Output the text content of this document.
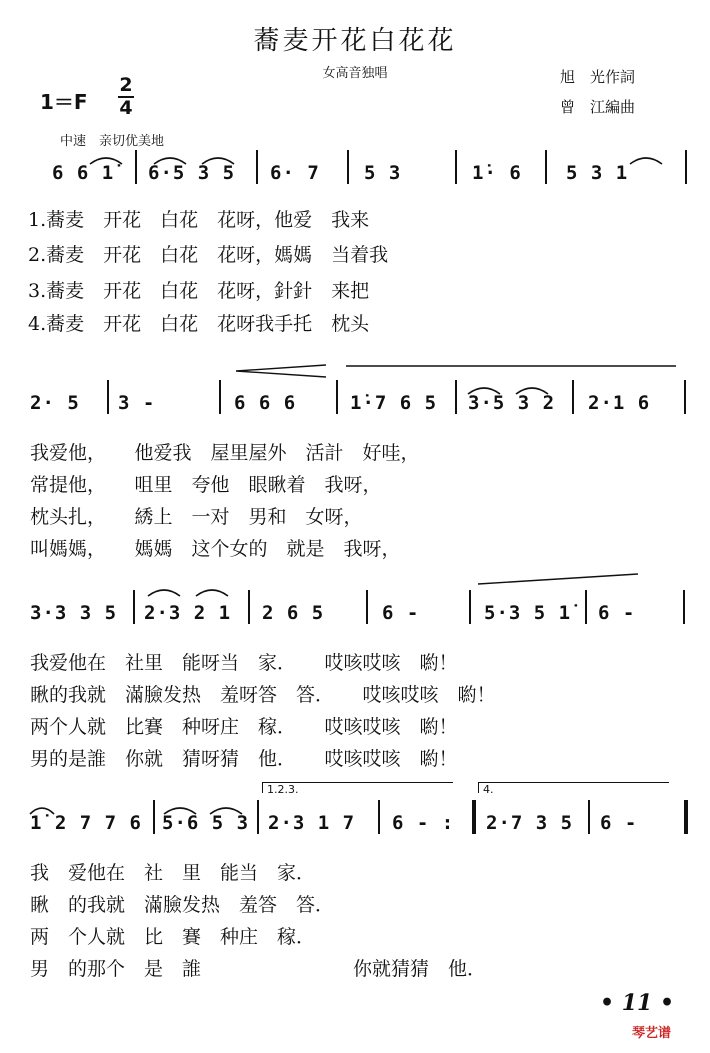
蕎麦开花白花花
女高音独唱
1＝F
2
4
旭　光作詞
曾　江編曲
中速　亲切优美地
6 6 1̇ 6·5 3 5 6· 7 5 3	1̇· 6 5 3 1
1.蕎麦　开花　白花　花呀，他爱　我来
2.蕎麦　开花　白花　花呀，媽媽　当着我
3.蕎麦　开花　白花　花呀，針針　来把
4.蕎麦　开花　白花　花呀我手托　枕头
2· 5 3 -	6 6 6	1̇·7 6 5 3·5 3 2 2·1 6
我爱他，　　他爱我　屋里屋外　活計　好哇，
常提他，　　咀里　夸他　眼瞅着　我呀，
枕头扎，　　綉上　一对　男和　女呀，
叫媽媽，　　媽媽　这个女的　就是　我呀，
3·3 3 5 2·3 2 1 2 6 5	6 -	5·3 5 1̇ 6 -
我爱他在　社里　能呀当　家．　　哎咳哎咳　喲！
瞅的我就　滿臉发热　羞呀答　答．　　哎咳哎咳　喲！
两个人就　比賽　种呀庄　稼．　　哎咳哎咳　喲！
男的是誰　你就　猜呀猜　他．　　哎咳哎咳　喲！
1.2.3.	4.
1̇ 2 7 7 6 5·6 5 3 2·3 1 7 6 - : 2·7 3 5 6 -
我　爱他在　社　里　能当　家．
瞅　的我就　滿臉发热　羞答　答．
两　个人就　比　賽　种庄　稼．
男　的那个　是　誰　　　　　　　　你就猜猜　他．
• 11 •
琴艺谱
